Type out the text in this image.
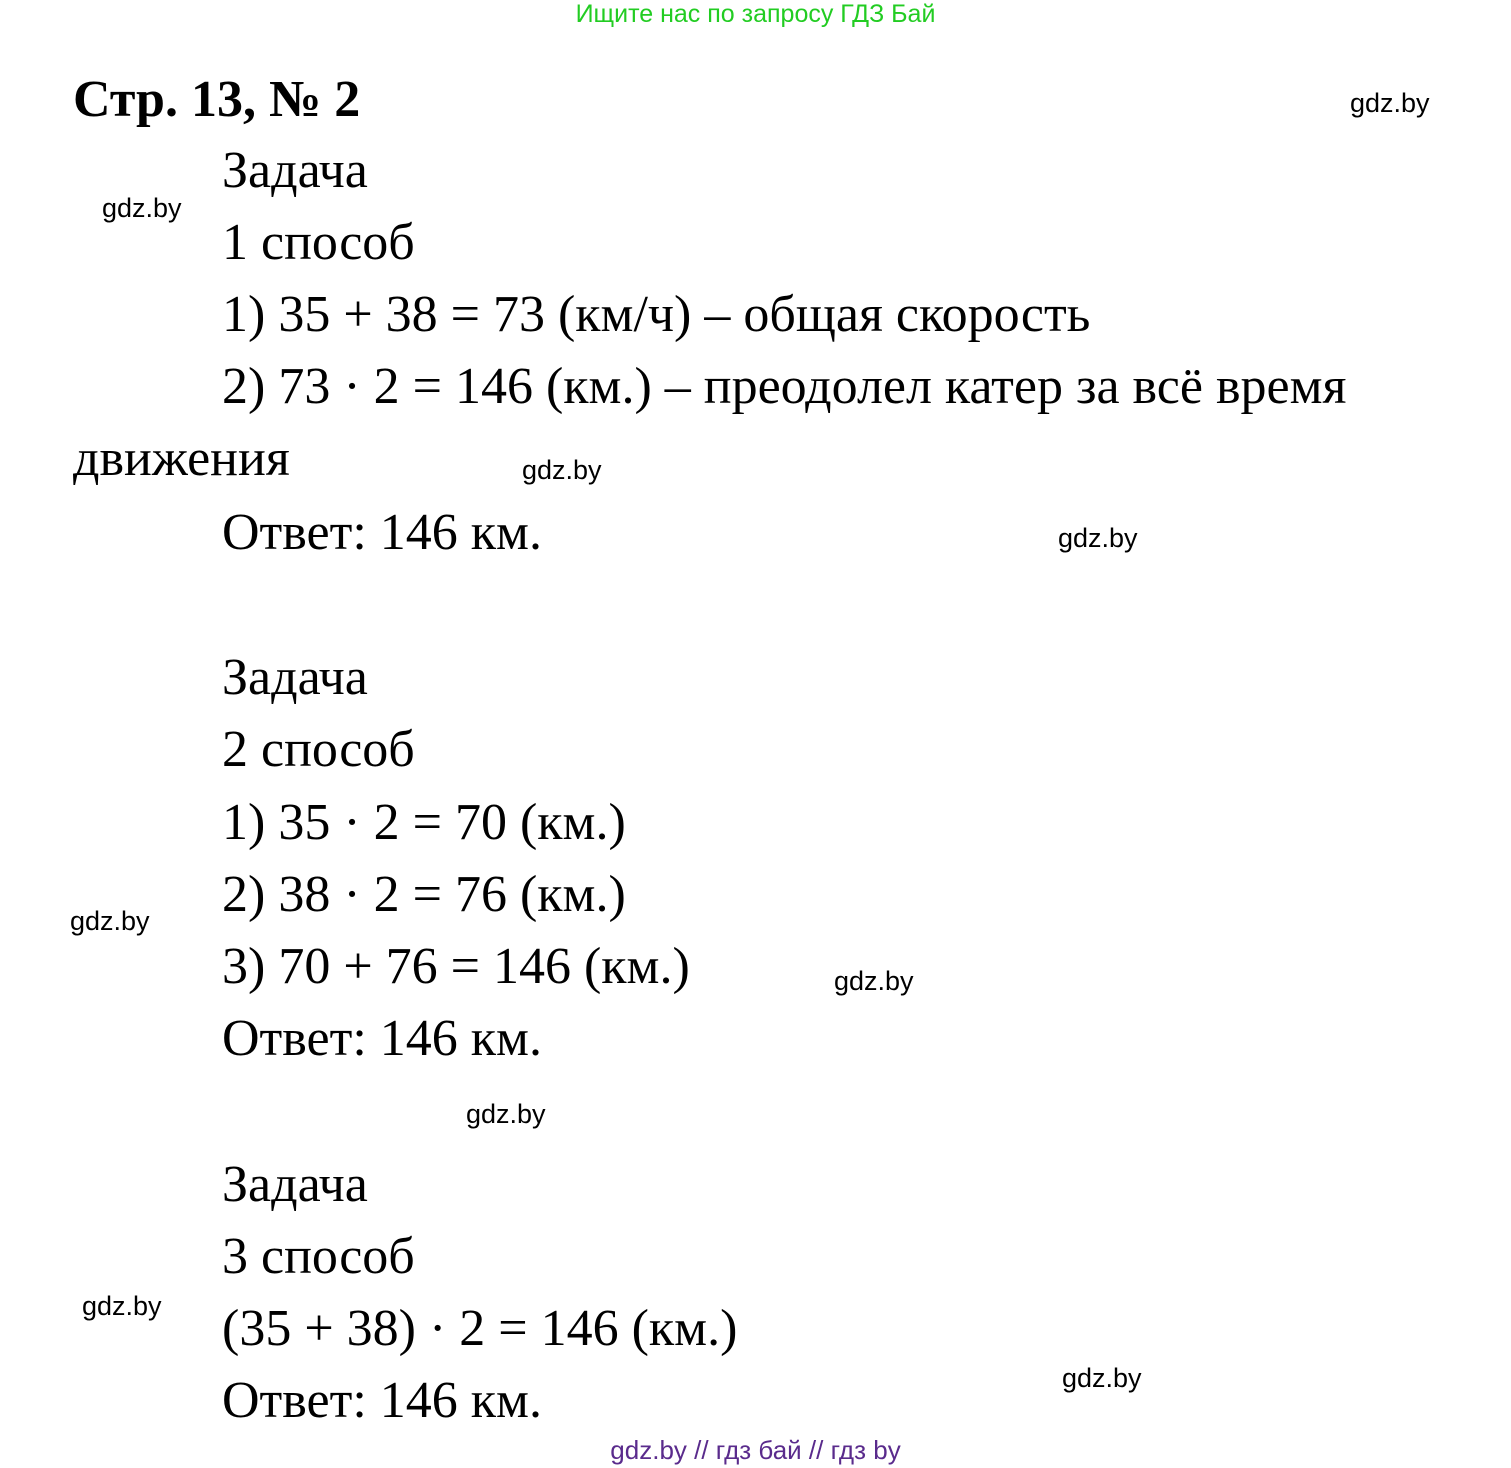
Ищите нас по запросу ГДЗ Бай
Стр. 13, № 2	gdz.by
Задача
1 способ
1) 35 + 38 = 73 (км/ч) – общая скорость
2) 73 · 2 = 146 (км.) – преодолел катер за всё время
движения
Ответ: 146 км.
gdz.by
gdz.by
gdz.by
Задача
2 способ
1) 35 · 2 = 70 (км.)
2) 38 · 2 = 76 (км.)
3) 70 + 76 = 146 (км.)
Ответ: 146 км.
gdz.by
gdz.by
gdz.by
Задача
3 способ
(35 + 38) · 2 = 146 (км.)
Ответ: 146 км.
gdz.by
gdz.by
gdz.by // гдз бай // гдз by
